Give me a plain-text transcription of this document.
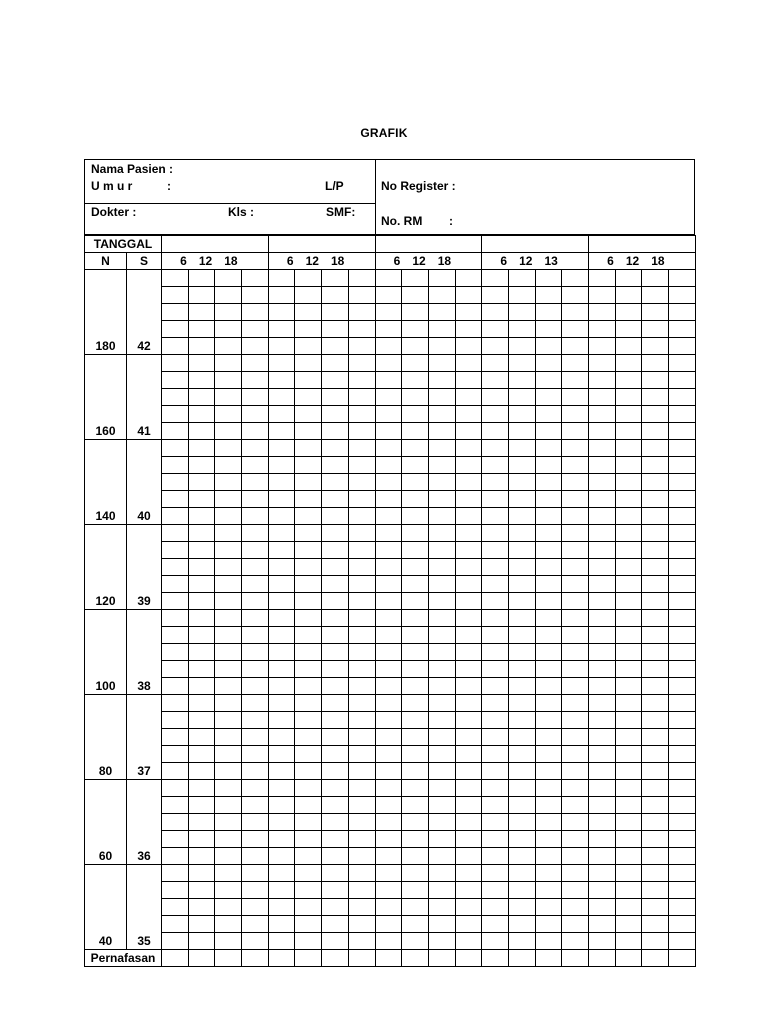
GRAFIK
Nama Pasien :
U m u r	:	L/P
Dokter :	Kls :	SMF:
No Register :
No. RM :
TANGGAL																					
N	S	6 12 18				6 12 18				6 12 18				6 12 13				6 12 18			
180	42																				

160	41																				

140	40																				

120	39																				

100	38																				

80	37																				

60	36																				

40	35																				

Pernafasan																					
